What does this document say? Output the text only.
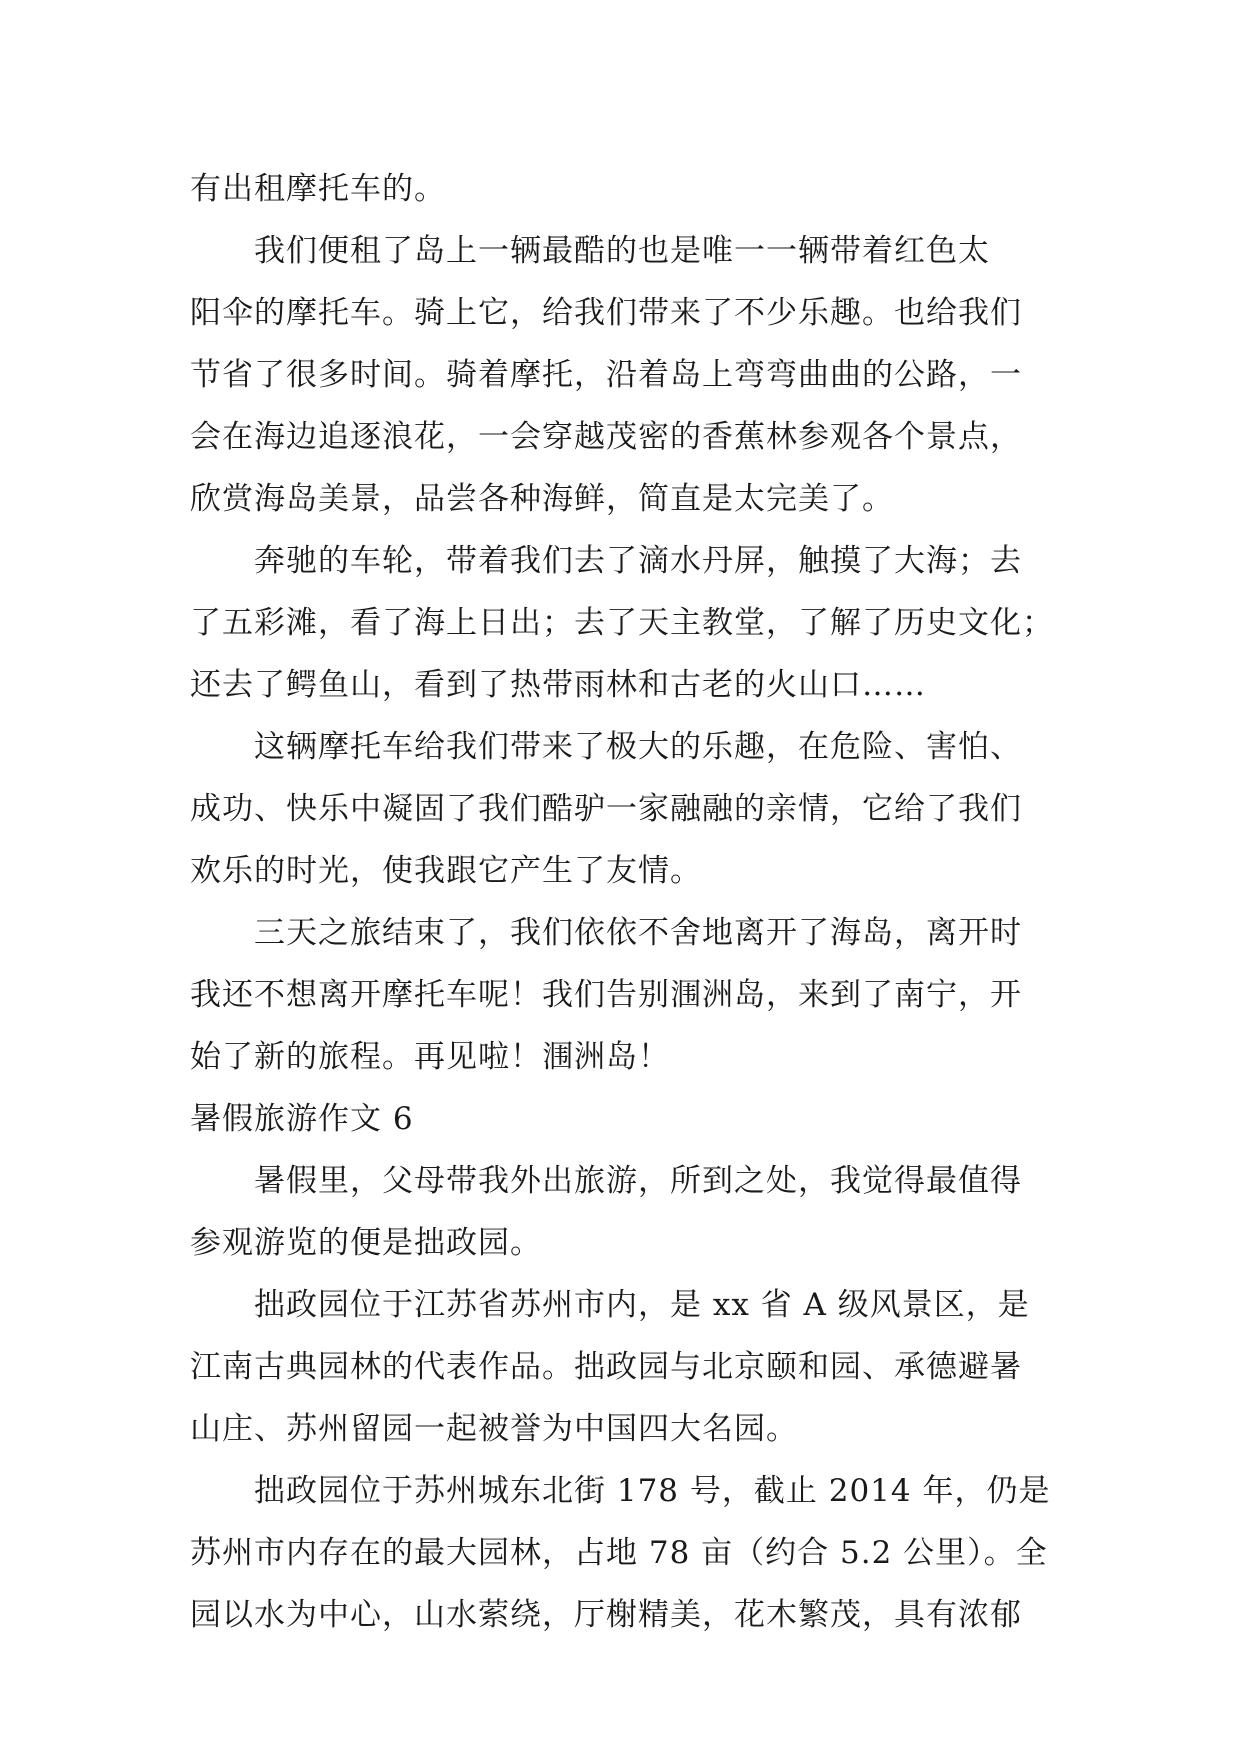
有出租摩托车的。
我们便租了岛上一辆最酷的也是唯一一辆带着红色太
阳伞的摩托车。骑上它，给我们带来了不少乐趣。也给我们
节省了很多时间。骑着摩托，沿着岛上弯弯曲曲的公路，一
会在海边追逐浪花，一会穿越茂密的香蕉林参观各个景点，
欣赏海岛美景，品尝各种海鲜，简直是太完美了。
奔驰的车轮，带着我们去了滴水丹屏，触摸了大海；去
了五彩滩，看了海上日出；去了天主教堂，了解了历史文化；
还去了鳄鱼山，看到了热带雨林和古老的火山口……
这辆摩托车给我们带来了极大的乐趣，在危险、害怕、
成功、快乐中凝固了我们酷驴一家融融的亲情，它给了我们
欢乐的时光，使我跟它产生了友情。
三天之旅结束了，我们依依不舍地离开了海岛，离开时
我还不想离开摩托车呢！我们告别涠洲岛，来到了南宁，开
始了新的旅程。再见啦！涠洲岛！
暑假旅游作文 6
暑假里，父母带我外出旅游，所到之处，我觉得最值得
参观游览的便是拙政园。
拙政园位于江苏省苏州市内，是 xx 省 A 级风景区，是
江南古典园林的代表作品。拙政园与北京颐和园、承德避暑
山庄、苏州留园一起被誉为中国四大名园。
拙政园位于苏州城东北街 178 号，截止 2014 年，仍是
苏州市内存在的最大园林，占地 78 亩（约合 5.2 公里）。全
园以水为中心，山水萦绕，厅榭精美，花木繁茂，具有浓郁
